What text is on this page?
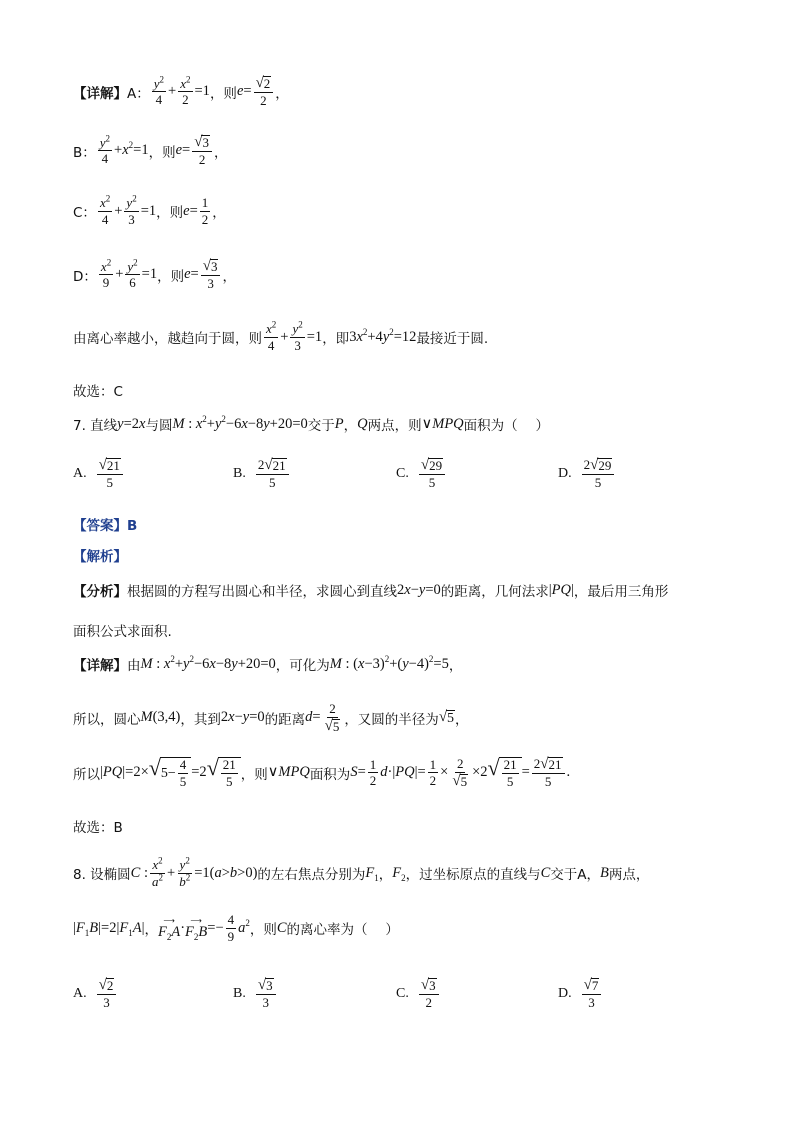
【详解】 A： $\frac{y^2}{4} + \frac{x^2}{2} =1$ ，则 $e= \frac{√ 2}{2}$ ，
B： $\frac{y^2}{4} +x^2=1$ ，则 $e= \frac{√ 3}{2}$ ，
C： $\frac{x^2}{4} + \frac{y^2}{3} =1$ ，则 $e= \frac{1}{2}$ ，
D： $\frac{x^2}{9} + \frac{y^2}{6} =1$ ，则 $e= \frac{√ 3}{3}$ ，
由离心率越小，越趋向于圆，则 $\frac{x^2}{4} + \frac{y^2}{3} =1$ ，即 $3x^2+4y^2=12$ 最接近于圆.
故选：C
7. 直线 y=2x 与圆 M : $x^2+y^2-6x-8y+20=0$ 交于 P ， Q 两点，则 ∨MPQ 面积为（　 ）
A. $\frac{√ 21}{5}$	B. $\frac{2 √ 21}{5}$	C. $\frac{√ 29}{5}$	D. $\frac{2 √ 29}{5}$
【答案】B
【解析】
【分析】 根据圆的方程写出圆心和半径，求圆心到直线 2x−y=0 的距离，几何法求 |PQ| ，最后用三角形
面积公式求面积.
【详解】 由 M : $x^2+y^2-6x-8y+20=0$ ，可化为 M : $(x-3)^2+(y-4)^2=5$ ，
所以，圆心 M(3,4) ，其到 2x−y=0 的距离 $d= \frac{2}{√ 5}$ ，又圆的半径为 √ 5 ，
所以 |PQ|=2× √ $5- \frac{4}{5} =2$ √ $\frac{21}{5}$ ，则 ∨MPQ 面积为 $S= \frac{1}{2} d\cdot|PQ|= \frac{1}{2} \times \frac{2}{√ 5} \times 2$ √ $\frac{21}{5} = \frac{2 √ 21}{5}$ .
故选：B
8. 设椭圆 C : $\frac{x^2}{a^2} + \frac{y^2}{b^2} =1(a>b>0)$ 的左右焦点分别为 $F_1$ ， $F_2$ ，过坐标原点的直线与 C 交于A， B 两点，
$|F_1B|=2|F_1A|$ ，
⟶
$F_2A$ · ⟶
$F_2B =- \frac{4}{9} a^2$ ，则 C 的离心率为（　 ）
A. $\frac{√ 2}{3}$	B. $\frac{√ 3}{3}$	C. $\frac{√ 3}{2}$	D. $\frac{√ 7}{3}$
